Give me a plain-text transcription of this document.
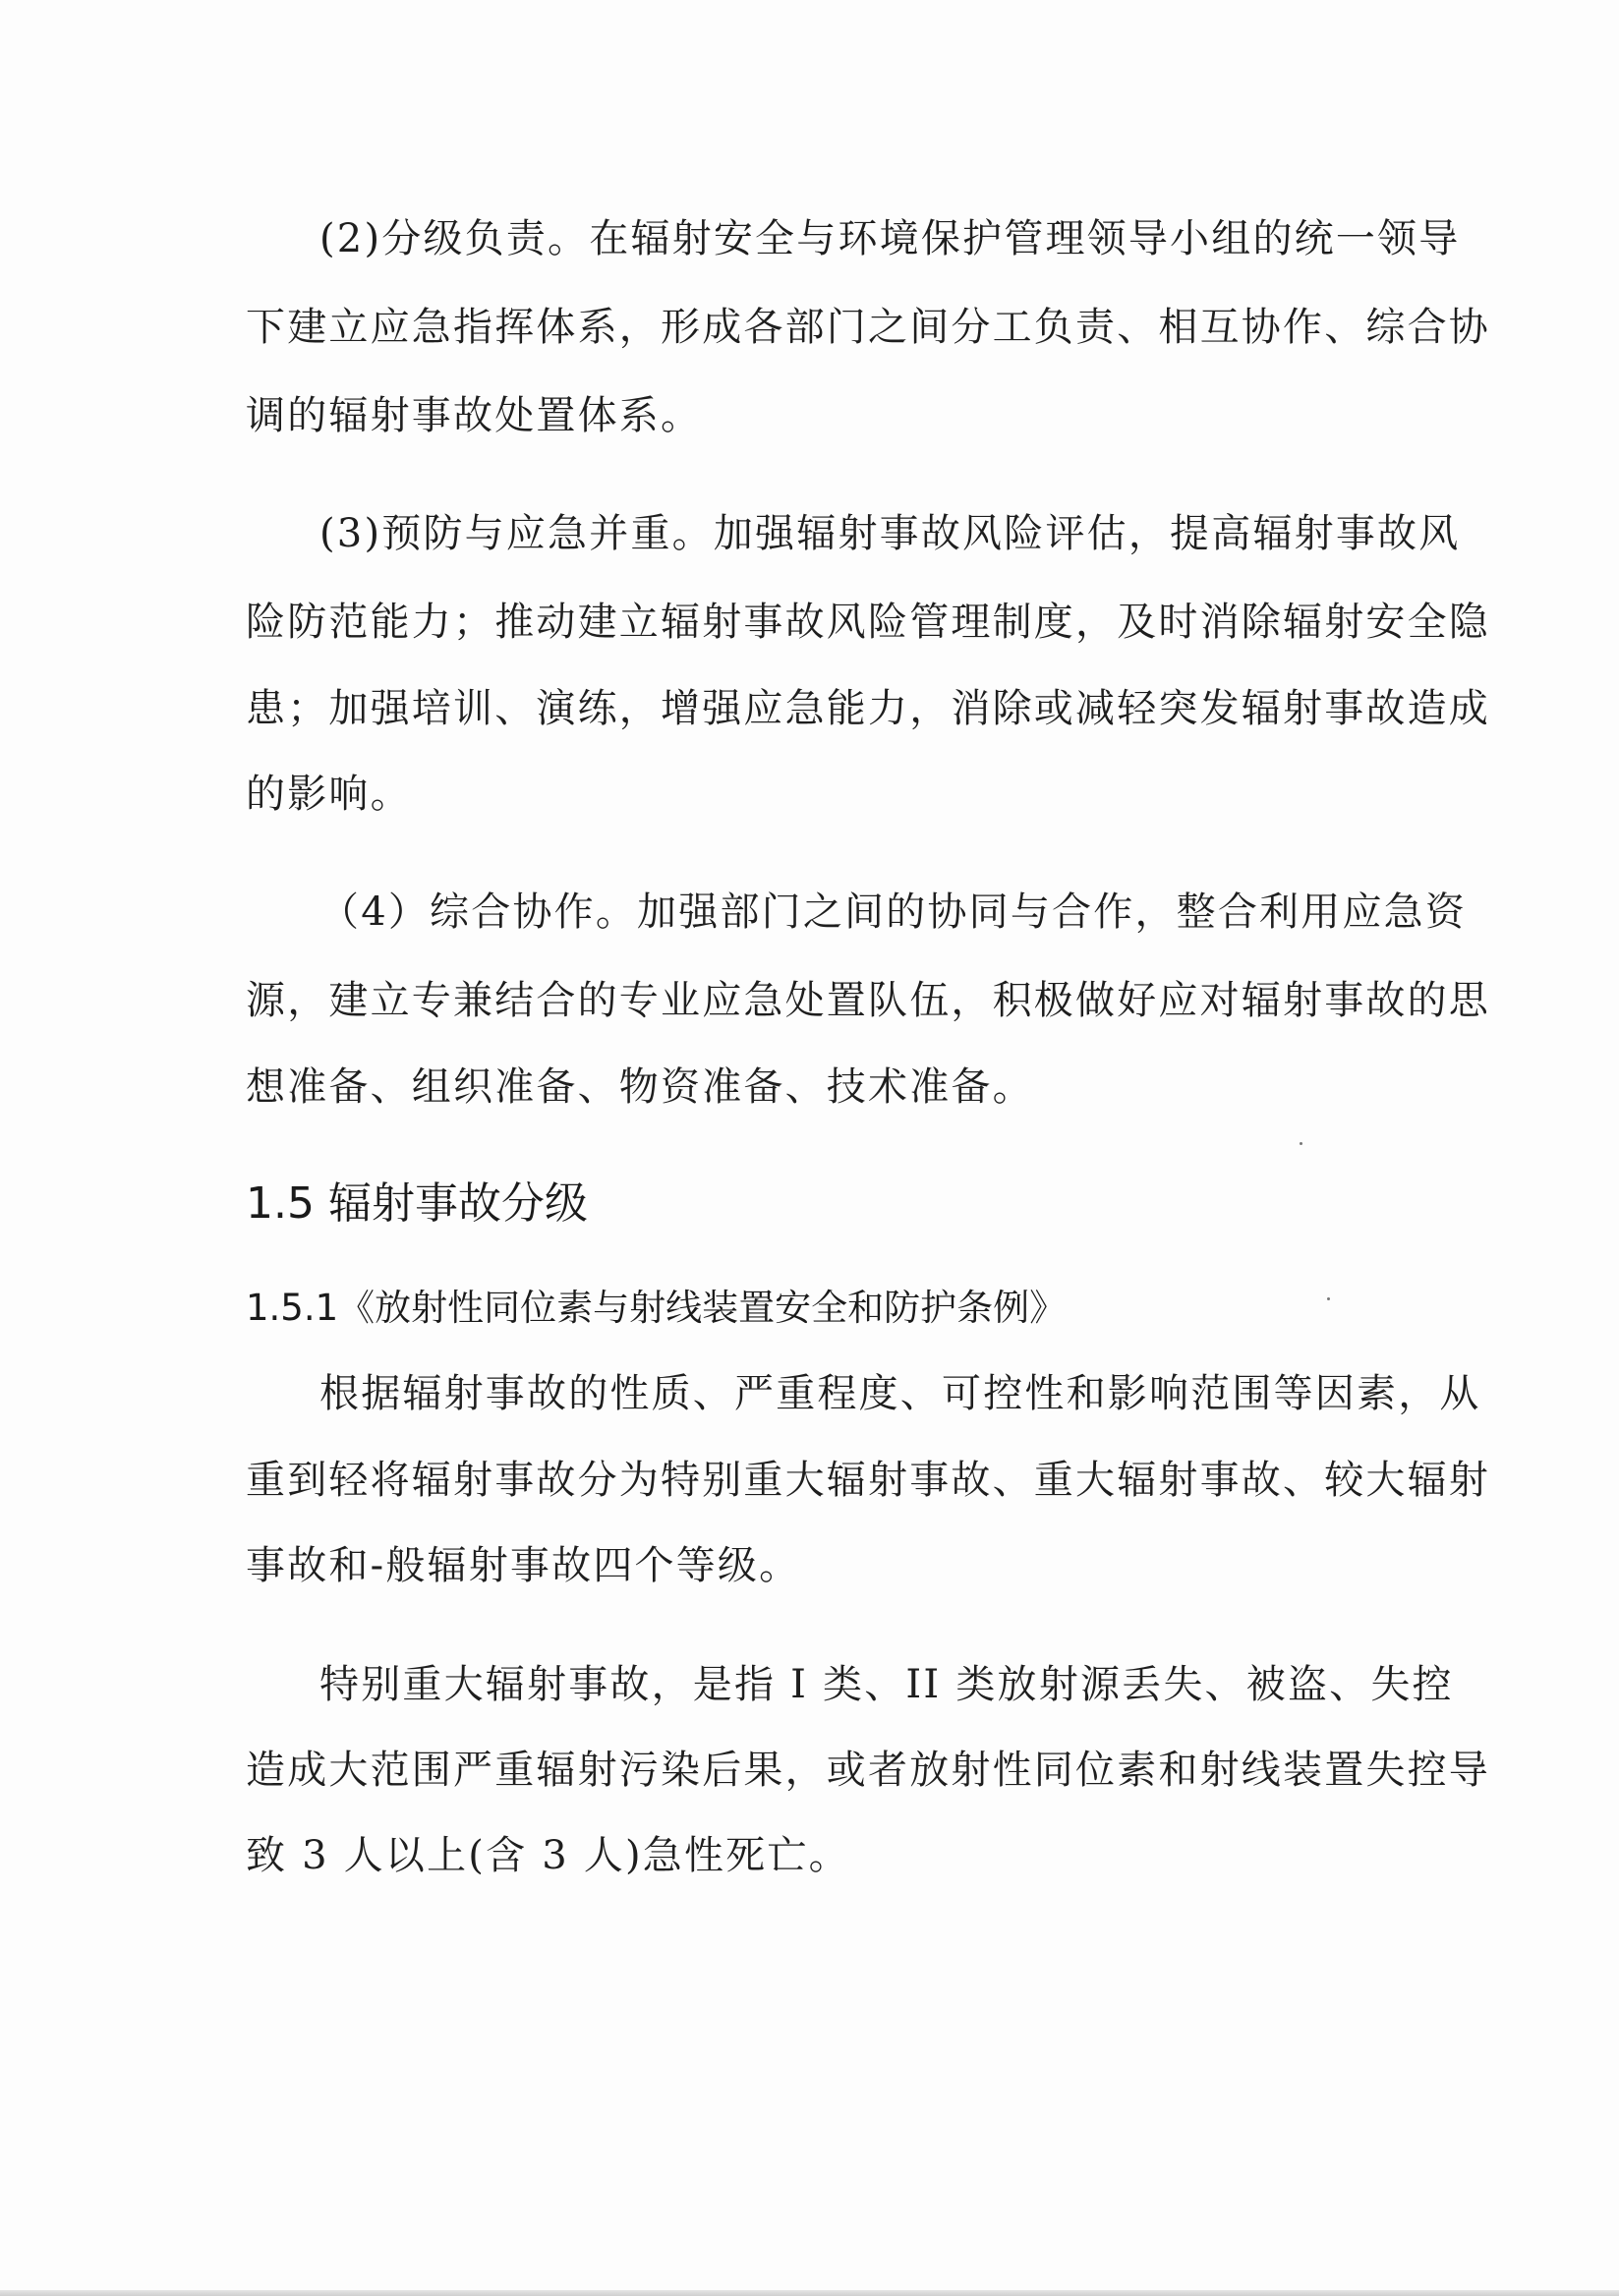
(2)分级负责。在辐射安全与环境保护管理领导小组的统一领导
下建立应急指挥体系，形成各部门之间分工负责、相互协作、综合协
调的辐射事故处置体系。
(3)预防与应急并重。加强辐射事故风险评估，提高辐射事故风
险防范能力；推动建立辐射事故风险管理制度，及时消除辐射安全隐
患；加强培训、演练，增强应急能力，消除或减轻突发辐射事故造成
的影响。
（4）综合协作。加强部门之间的协同与合作，整合利用应急资
源，建立专兼结合的专业应急处置队伍，积极做好应对辐射事故的思
想准备、组织准备、物资准备、技术准备。
1.5 辐射事故分级
1.5.1《放射性同位素与射线装置安全和防护条例》
根据辐射事故的性质、严重程度、可控性和影响范围等因素，从
重到轻将辐射事故分为特别重大辐射事故、重大辐射事故、较大辐射
事故和-般辐射事故四个等级。
特别重大辐射事故，是指 I 类、II 类放射源丢失、被盗、失控
造成大范围严重辐射污染后果，或者放射性同位素和射线装置失控导
致 3 人以上(含 3 人)急性死亡。
